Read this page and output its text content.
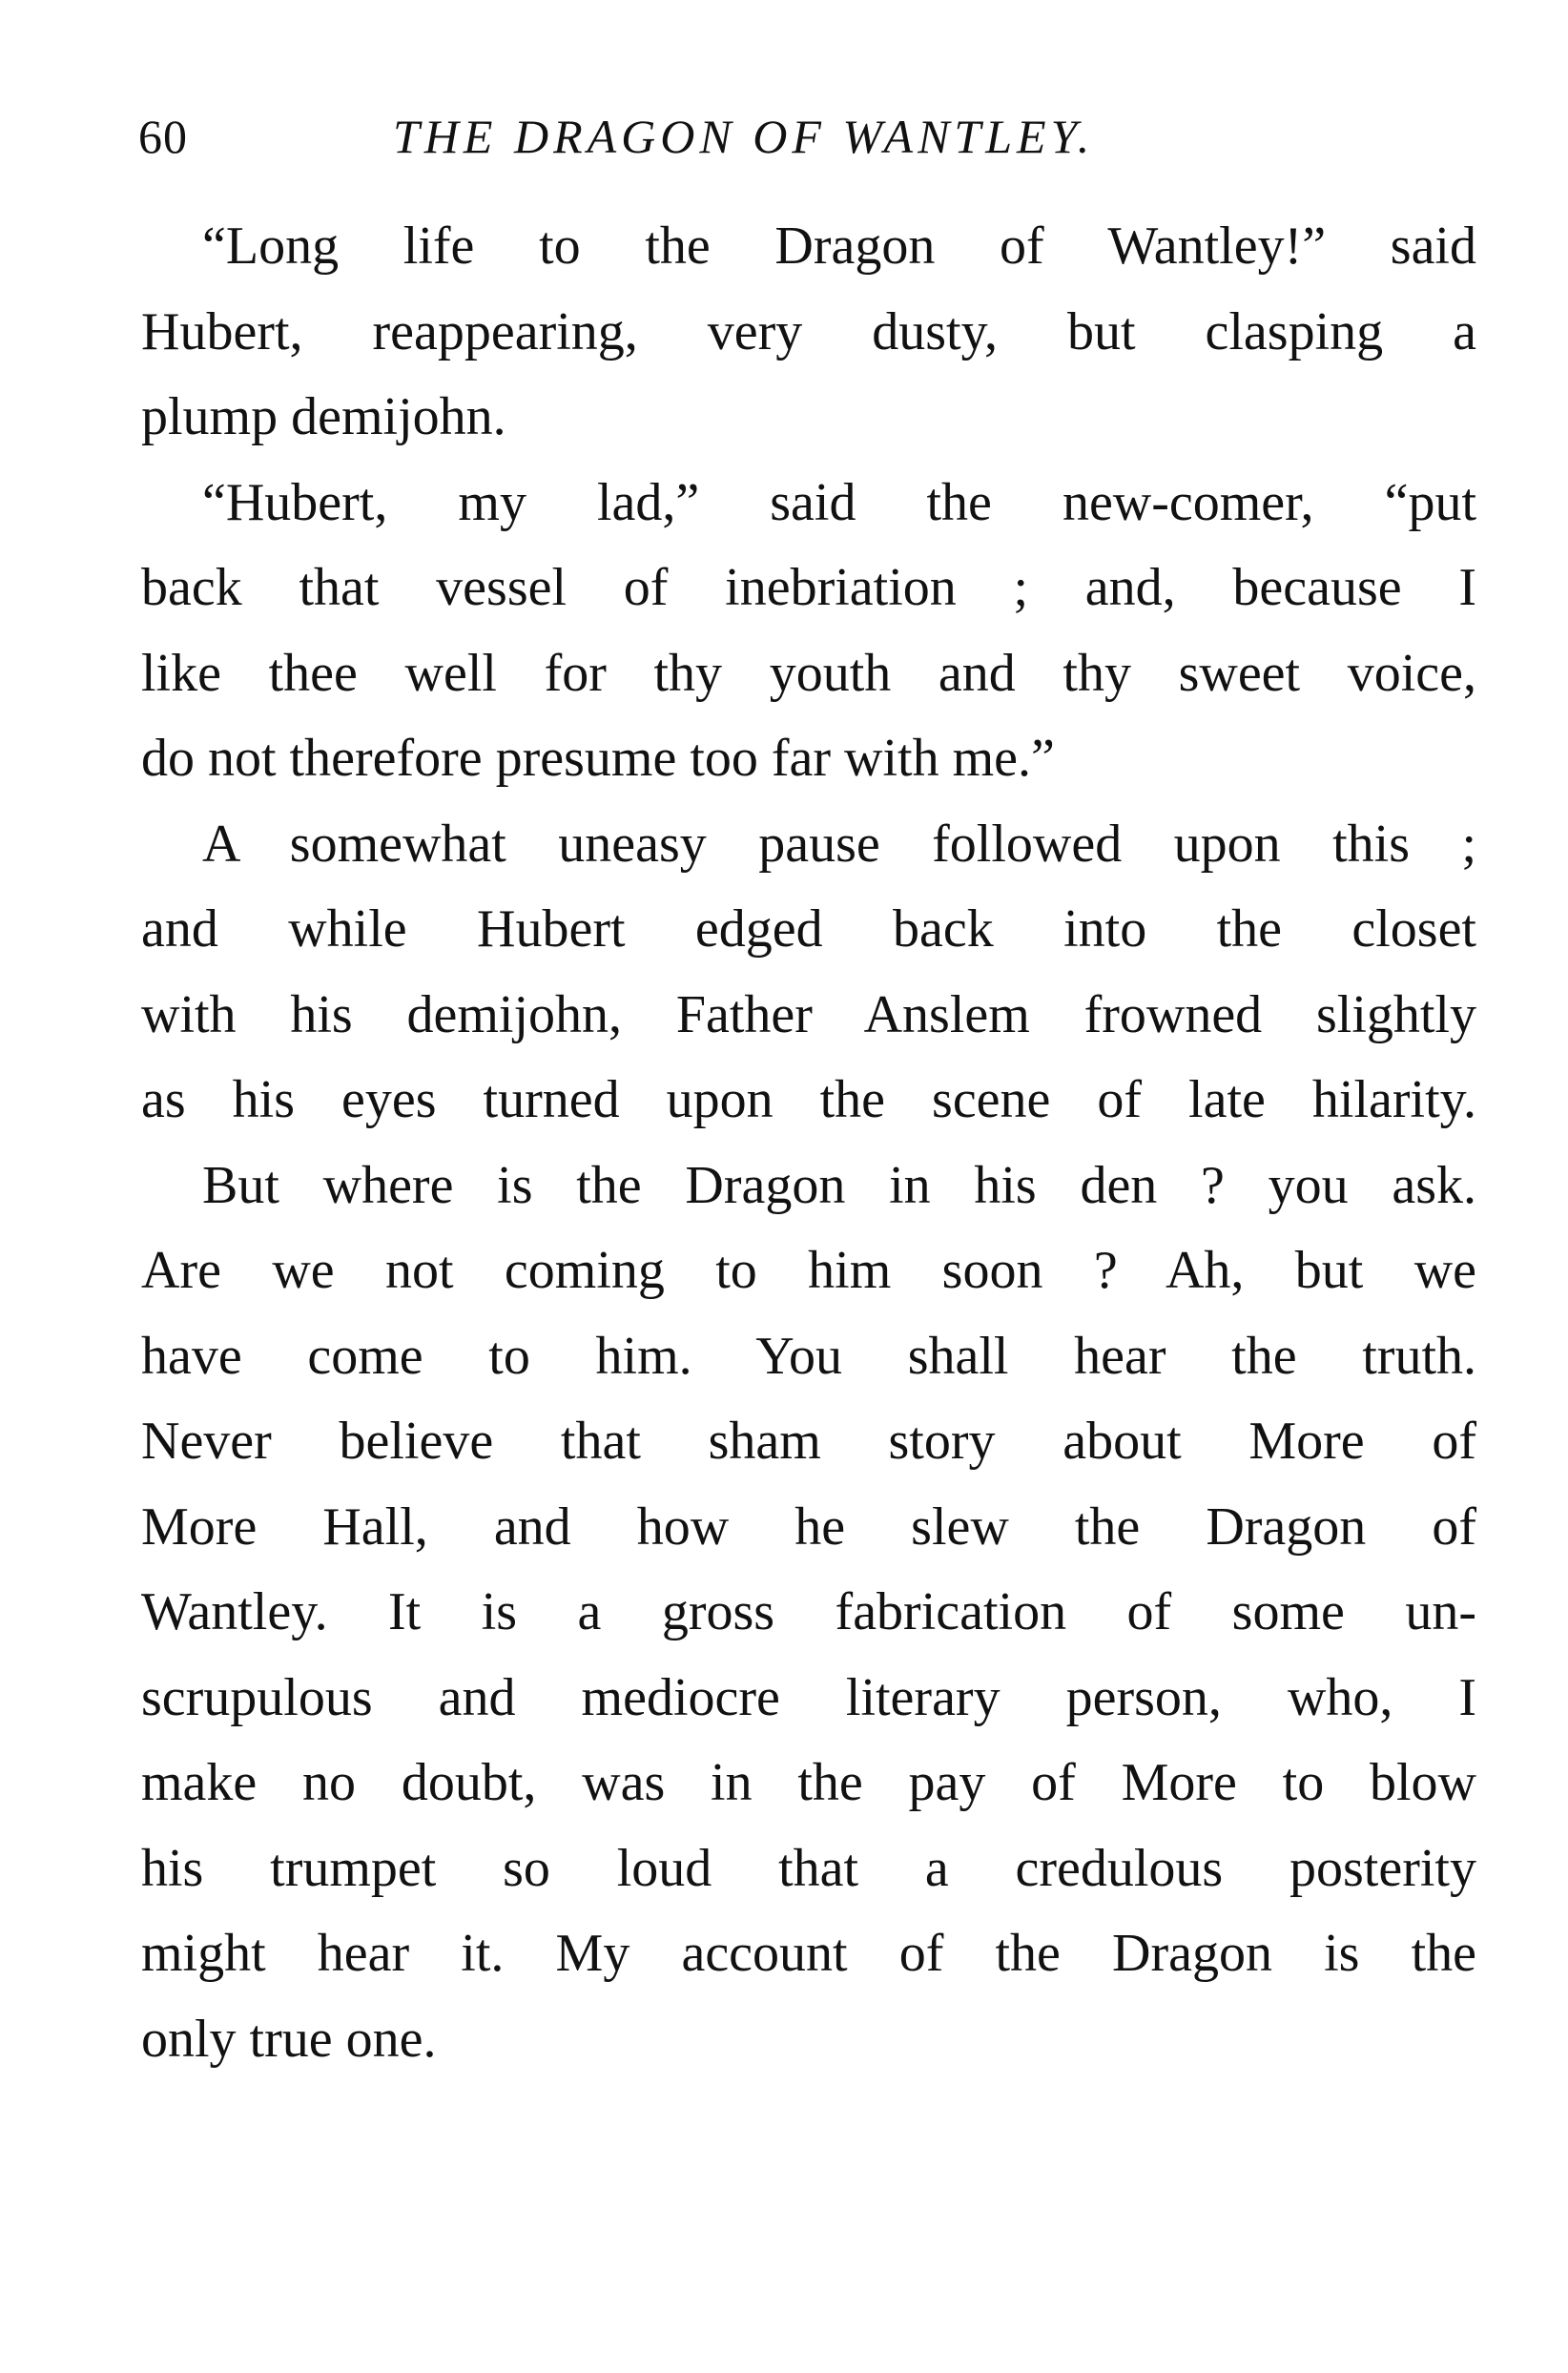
60	THE DRAGON OF WANTLEY.
“Long life to the Dragon of Wantley!” said
Hubert, reappearing, very dusty, but clasping a
plump demijohn.
“Hubert, my lad,” said the new-comer, “put
back that vessel of inebriation ; and, because I
like thee well for thy youth and thy sweet voice,
do not therefore presume too far with me.”
A somewhat uneasy pause followed upon this ;
and while Hubert edged back into the closet
with his demijohn, Father Anslem frowned slightly
as his eyes turned upon the scene of late hilarity.
But where is the Dragon in his den ? you ask.
Are we not coming to him soon ? Ah, but we
have come to him. You shall hear the truth.
Never believe that sham story about More of
More Hall, and how he slew the Dragon of
Wantley. It is a gross fabrication of some un-
scrupulous and mediocre literary person, who, I
make no doubt, was in the pay of More to blow
his trumpet so loud that a credulous posterity
might hear it. My account of the Dragon is the
only true one.
